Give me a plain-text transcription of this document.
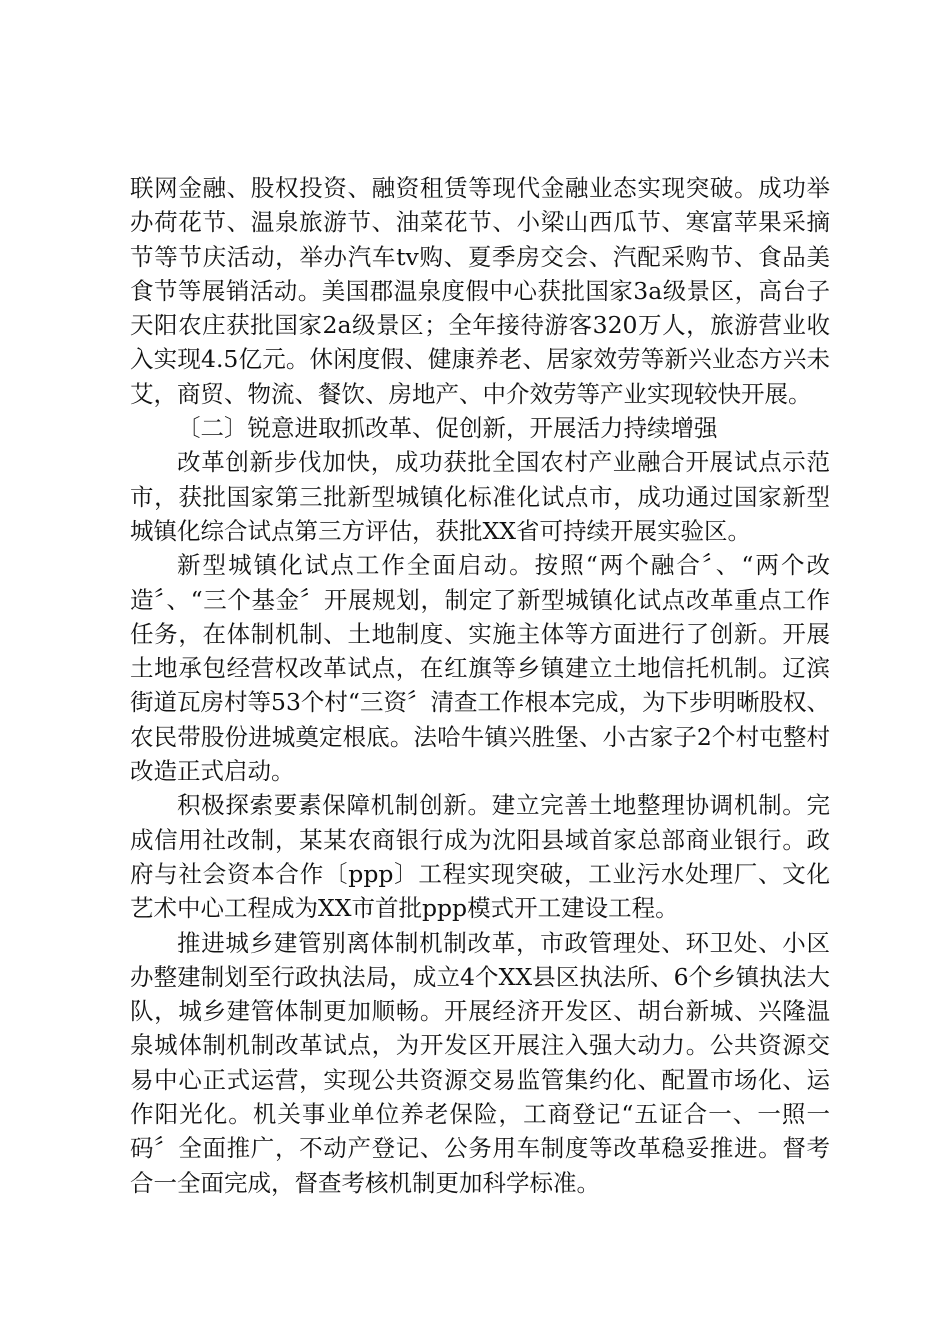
联网金融、股权投资、融资租赁等现代金融业态实现突破。成功举办荷花节、温泉旅游节、油菜花节、小梁山西瓜节、寒富苹果采摘节等节庆活动，举办汽车tv购、夏季房交会、汽配采购节、食品美食节等展销活动。美国郡温泉度假中心获批国家3a级景区，高台子天阳农庄获批国家2a级景区；全年接待游客320万人，旅游营业收入实现4.5亿元。休闲度假、健康养老、居家效劳等新兴业态方兴未艾，商贸、物流、餐饮、房地产、中介效劳等产业实现较快开展。

〔二〕锐意进取抓改革、促创新，开展活力持续增强

改革创新步伐加快，成功获批全国农村产业融合开展试点示范市，获批国家第三批新型城镇化标准化试点市，成功通过国家新型城镇化综合试点第三方评估，获批XX省可持续开展实验区。

新型城镇化试点工作全面启动。按照“两个融合〞、“两个改造〞、“三个基金〞开展规划，制定了新型城镇化试点改革重点工作任务，在体制机制、土地制度、实施主体等方面进行了创新。开展土地承包经营权改革试点，在红旗等乡镇建立土地信托机制。辽滨街道瓦房村等53个村“三资〞清查工作根本完成，为下步明晰股权、农民带股份进城奠定根底。法哈牛镇兴胜堡、小古家子2个村屯整村改造正式启动。

积极探索要素保障机制创新。建立完善土地整理协调机制。完成信用社改制，某某农商银行成为沈阳县域首家总部商业银行。政府与社会资本合作〔ppp〕工程实现突破，工业污水处理厂、文化艺术中心工程成为XX市首批ppp模式开工建设工程。

推进城乡建管别离体制机制改革，市政管理处、环卫处、小区办整建制划至行政执法局，成立4个XX县区执法所、6个乡镇执法大队，城乡建管体制更加顺畅。开展经济开发区、胡台新城、兴隆温泉城体制机制改革试点，为开发区开展注入强大动力。公共资源交易中心正式运营，实现公共资源交易监管集约化、配置市场化、运作阳光化。机关事业单位养老保险，工商登记“五证合一、一照一码〞全面推广，不动产登记、公务用车制度等改革稳妥推进。督考合一全面完成，督查考核机制更加科学标准。
